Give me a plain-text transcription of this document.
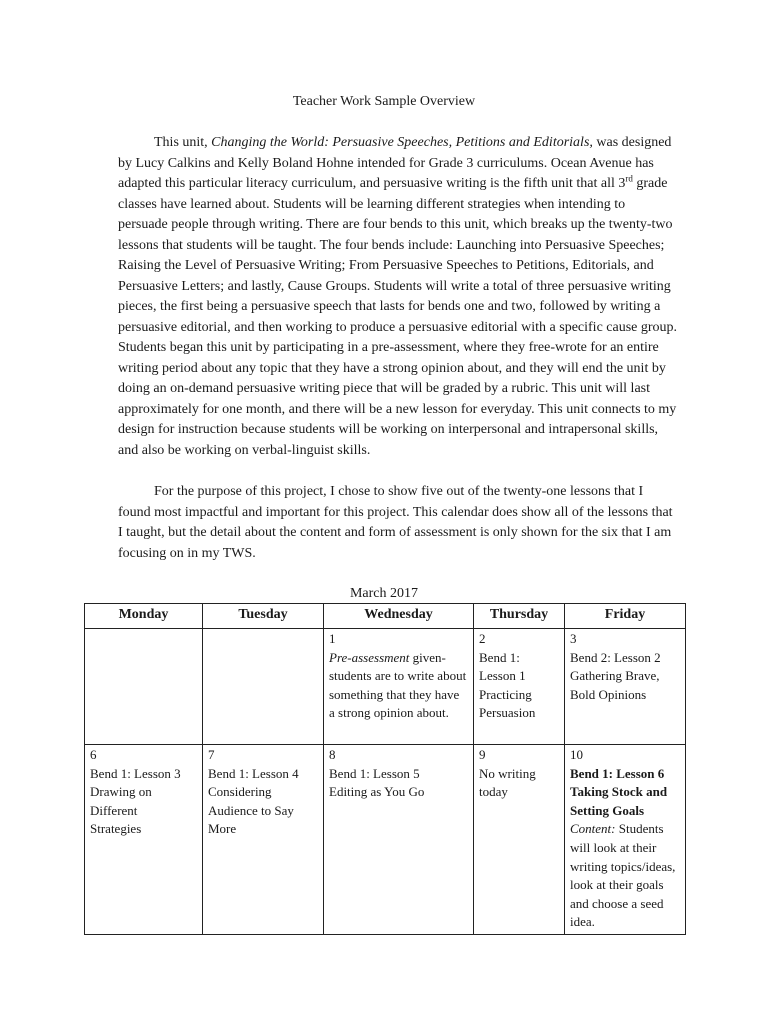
Teacher Work Sample Overview
This unit, Changing the World: Persuasive Speeches, Petitions and Editorials, was designed by Lucy Calkins and Kelly Boland Hohne intended for Grade 3 curriculums. Ocean Avenue has adapted this particular literacy curriculum, and persuasive writing is the fifth unit that all 3rd grade classes have learned about. Students will be learning different strategies when intending to persuade people through writing. There are four bends to this unit, which breaks up the twenty-two lessons that students will be taught. The four bends include: Launching into Persuasive Speeches; Raising the Level of Persuasive Writing; From Persuasive Speeches to Petitions, Editorials, and Persuasive Letters; and lastly, Cause Groups. Students will write a total of three persuasive writing pieces, the first being a persuasive speech that lasts for bends one and two, followed by writing a persuasive editorial, and then working to produce a persuasive editorial with a specific cause group. Students began this unit by participating in a pre-assessment, where they free-wrote for an entire writing period about any topic that they have a strong opinion about, and they will end the unit by doing an on-demand persuasive writing piece that will be graded by a rubric. This unit will last approximately for one month, and there will be a new lesson for everyday. This unit connects to my design for instruction because students will be working on interpersonal and intrapersonal skills, and also be working on verbal-linguist skills.
For the purpose of this project, I chose to show five out of the twenty-one lessons that I found most impactful and important for this project. This calendar does show all of the lessons that I taught, but the detail about the content and form of assessment is only shown for the six that I am focusing on in my TWS.
March 2017
Monday	Tuesday	Wednesday	Thursday	Friday

		1
Pre-assessment given- students are to write about something that they have a strong opinion about.	2
Bend 1:
Lesson 1
Practicing
Persuasion	3
Bend 2: Lesson 2
Gathering Brave,
Bold Opinions

6
Bend 1: Lesson 3
Drawing on
Different
Strategies	7
Bend 1: Lesson 4
Considering
Audience to Say
More	8
Bend 1: Lesson 5
Editing as You Go	9
No writing
today	10
Bend 1: Lesson 6 Taking Stock and Setting Goals
Content: Students will look at their writing topics/ideas, look at their goals and choose a seed idea.
